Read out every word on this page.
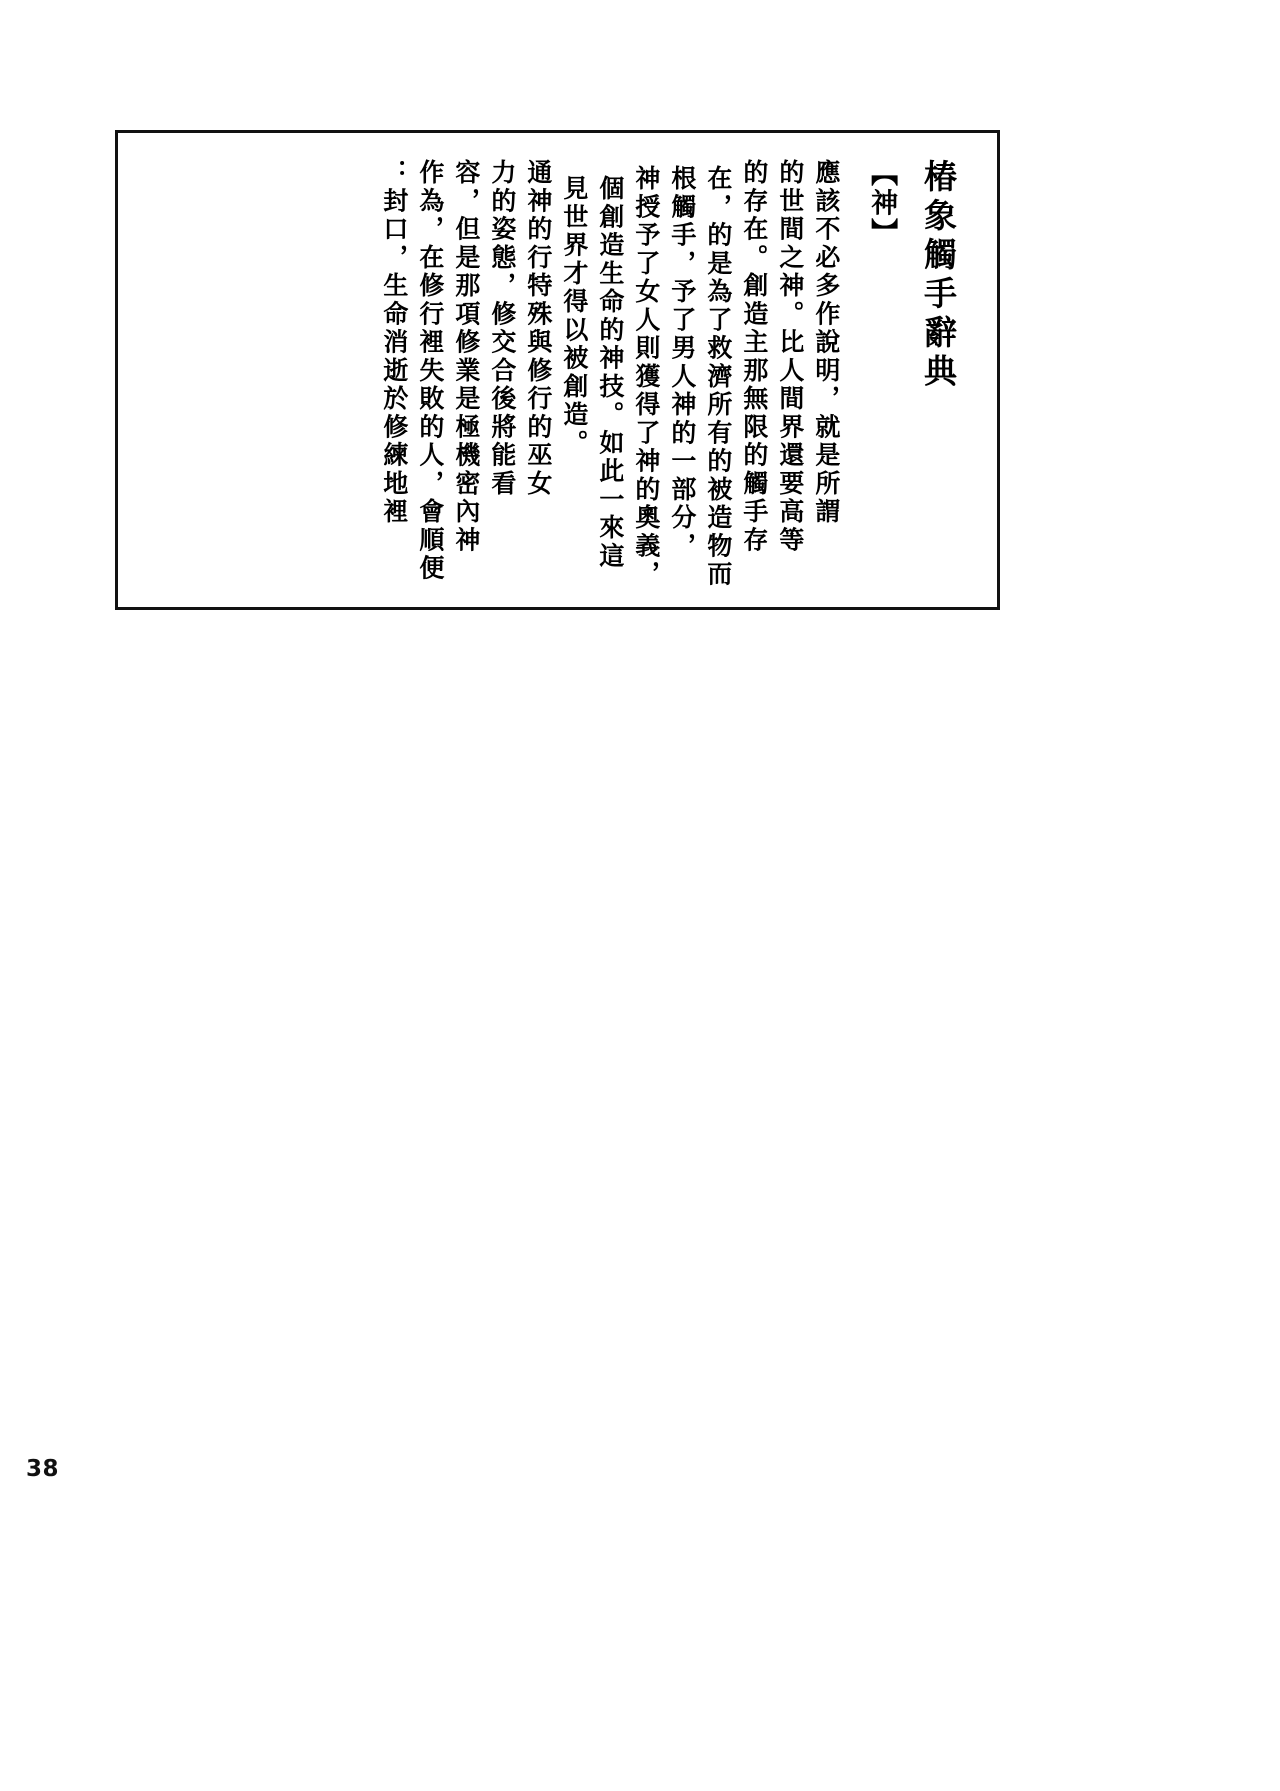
椿象觸手辭典
【神】
應該不必多作說明，就是所謂
的世間之神。比人間界還要高等
的存在。創造主那無限的觸手存
在，的是為了救濟所有的被造物而
根觸手，予了男人神的一部分，
神授予了女人則獲得了神的奧義，
個創造生命的神技。如此一來這
見世界才得以被創造。
通神的行特殊與修行的巫女
力的姿態，修交合後將能看
容，但是那項修業是極機密內神
作為，在修行裡失敗的人，會順便
：封口，生命消逝於修練地裡
38
